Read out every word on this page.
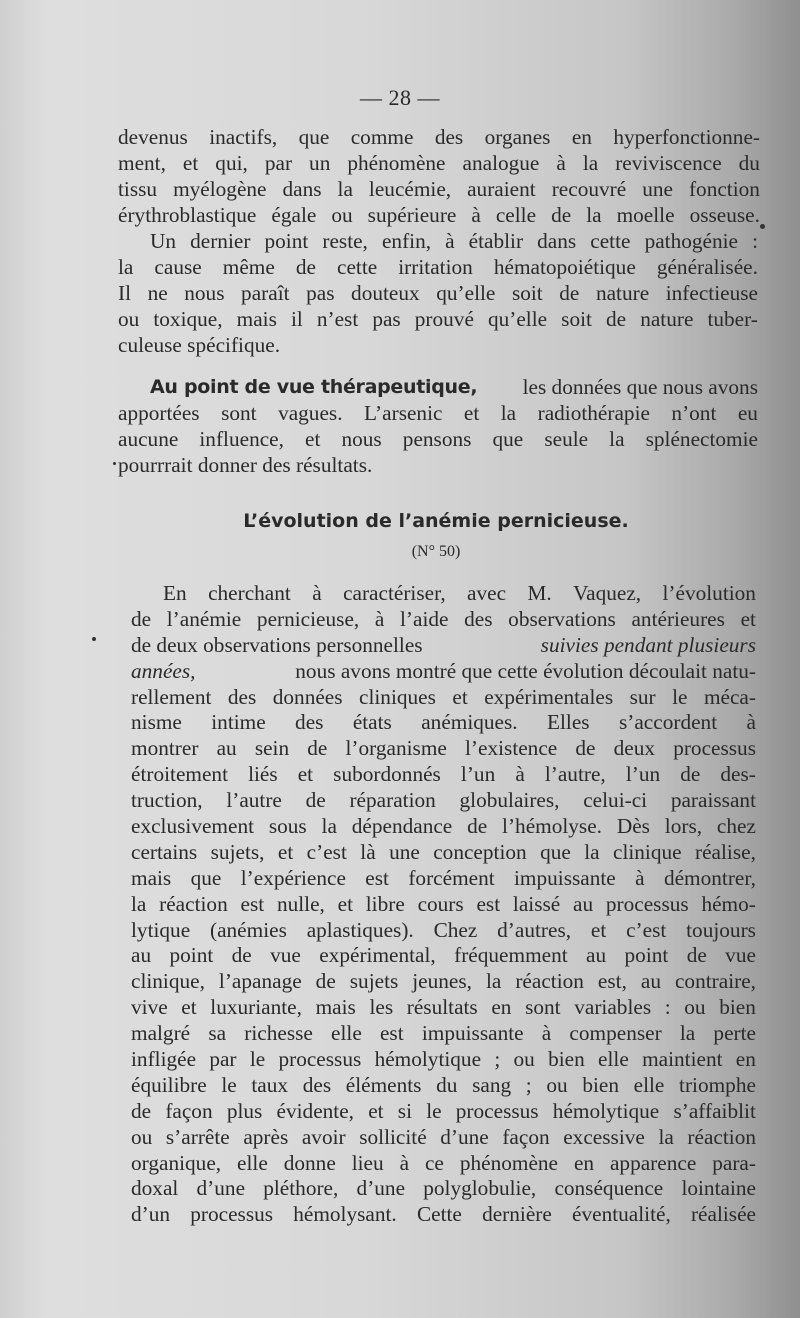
— 28 —
devenus inactifs, que comme des organes en hyperfonctionne-
ment, et qui, par un phénomène analogue à la reviviscence du
tissu myélogène dans la leucémie, auraient recouvré une fonction
érythroblastique égale ou supérieure à celle de la moelle osseuse.
Un dernier point reste, enfin, à établir dans cette pathogénie :
la cause même de cette irritation hématopoiétique généralisée.
Il ne nous paraît pas douteux qu’elle soit de nature infectieuse
ou toxique, mais il n’est pas prouvé qu’elle soit de nature tuber-
culeuse spécifique.
Au point de vue thérapeutique, les données que nous avons
apportées sont vagues. L’arsenic et la radiothérapie n’ont eu
aucune influence, et nous pensons que seule la splénectomie
pourrrait donner des résultats.
L’évolution de l’anémie pernicieuse.
(N° 50)
En cherchant à caractériser, avec M. Vaquez, l’évolution
de l’anémie pernicieuse, à l’aide des observations antérieures et
de deux observations personnelles	suivies pendant plusieurs
années,	nous avons montré que cette évolution découlait natu-
rellement des données cliniques et expérimentales sur le méca-
nisme intime des états anémiques. Elles s’accordent à
montrer au sein de l’organisme l’existence de deux processus
étroitement liés et subordonnés l’un à l’autre, l’un de des-
truction, l’autre de réparation globulaires, celui-ci paraissant
exclusivement sous la dépendance de l’hémolyse. Dès lors, chez
certains sujets, et c’est là une conception que la clinique réalise,
mais que l’expérience est forcément impuissante à démontrer,
la réaction est nulle, et libre cours est laissé au processus hémo-
lytique (anémies aplastiques). Chez d’autres, et c’est toujours
au point de vue expérimental, fréquemment au point de vue
clinique, l’apanage de sujets jeunes, la réaction est, au contraire,
vive et luxuriante, mais les résultats en sont variables : ou bien
malgré sa richesse elle est impuissante à compenser la perte
infligée par le processus hémolytique ; ou bien elle maintient en
équilibre le taux des éléments du sang ; ou bien elle triomphe
de façon plus évidente, et si le processus hémolytique s’affaiblit
ou s’arrête après avoir sollicité d’une façon excessive la réaction
organique, elle donne lieu à ce phénomène en apparence para-
doxal d’une pléthore, d’une polyglobulie, conséquence lointaine
d’un processus hémolysant. Cette dernière éventualité, réalisée
